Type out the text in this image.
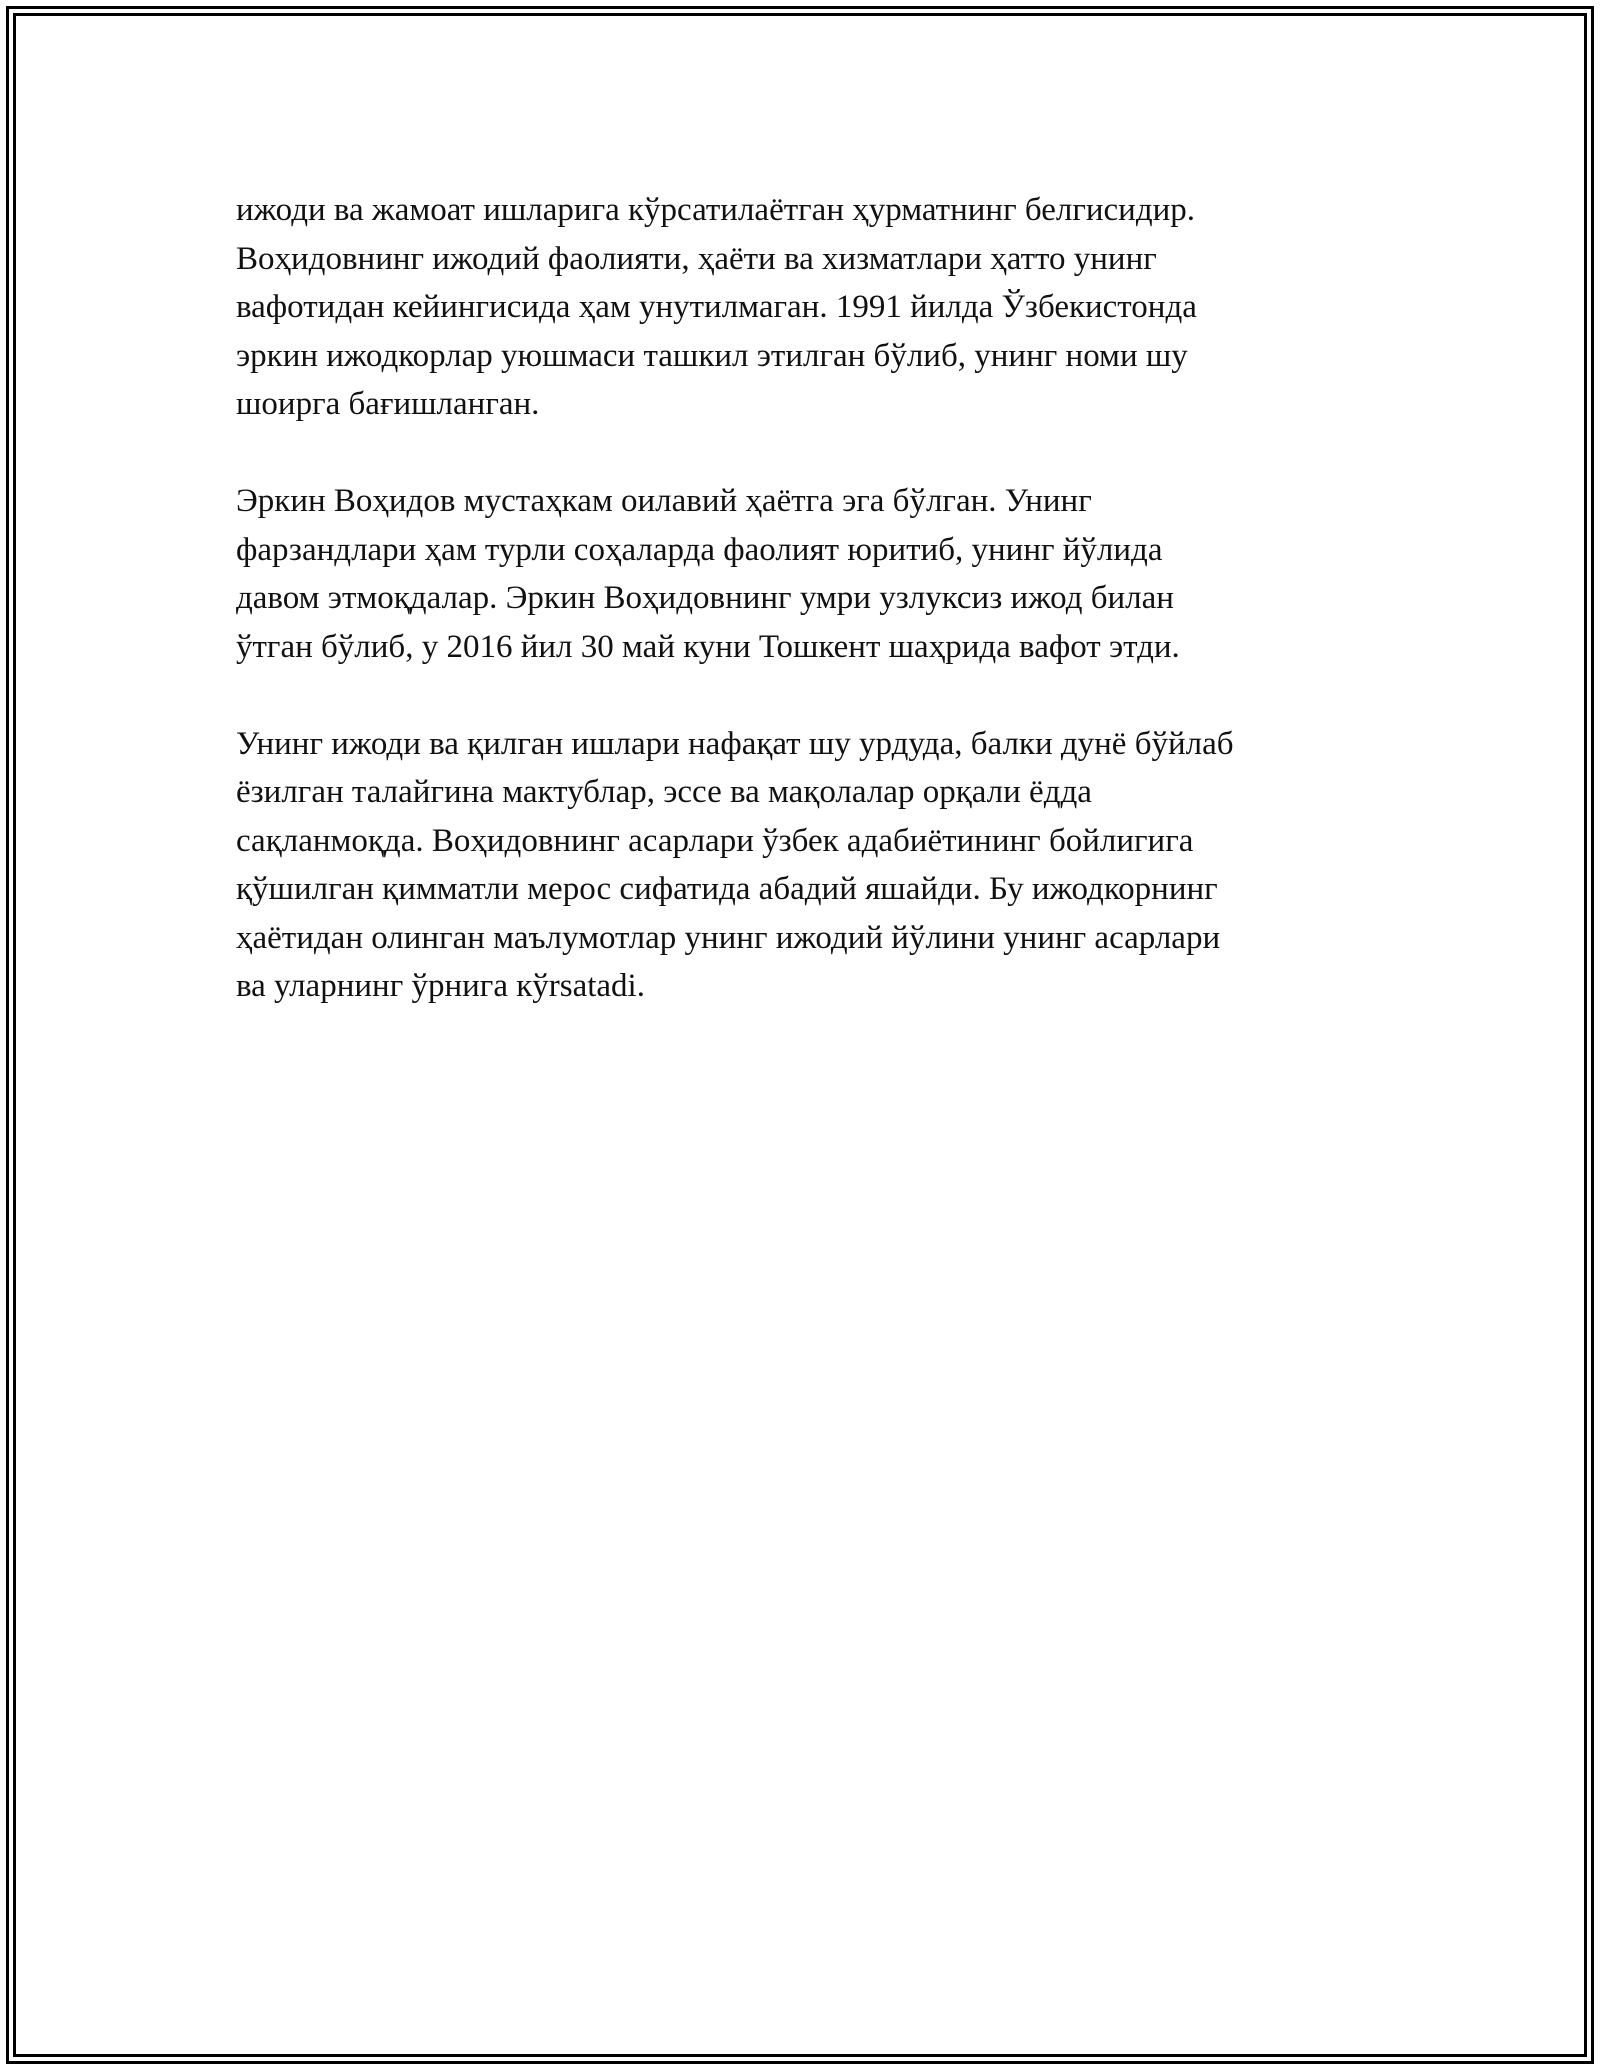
ижоди ва жамоат ишларига кўрсатилаётган ҳурматнинг белгисидир.
Воҳидовнинг ижодий фаолияти, ҳаёти ва хизматлари ҳатто унинг
вафотидан кейингисида ҳам унутилмаган. 1991 йилда Ўзбекистонда
эркин ижодкорлар уюшмаси ташкил этилган бўлиб, унинг номи шу
шоирга бағишланган.

Эркин Воҳидов мустаҳкам оилавий ҳаётга эга бўлган. Унинг
фарзандлари ҳам турли соҳаларда фаолият юритиб, унинг йўлида
давом этмоқдалар. Эркин Воҳидовнинг умри узлуксиз ижод билан
ўтган бўлиб, у 2016 йил 30 май куни Тошкент шаҳрида вафот этди.

Унинг ижоди ва қилган ишлари нафақат шу урдуда, балки дунё бўйлаб
ёзилган талайгина мактублар, эссе ва мақолалар орқали ёдда
сақланмоқда. Воҳидовнинг асарлари ўзбек адабиётининг бойлигига
қўшилган қимматли мерос сифатида абадий яшайди. Бу ижодкорнинг
ҳаётидан олинган маълумотлар унинг ижодий йўлини унинг асарлари
ва уларнинг ўрнига кўrsatadi.
